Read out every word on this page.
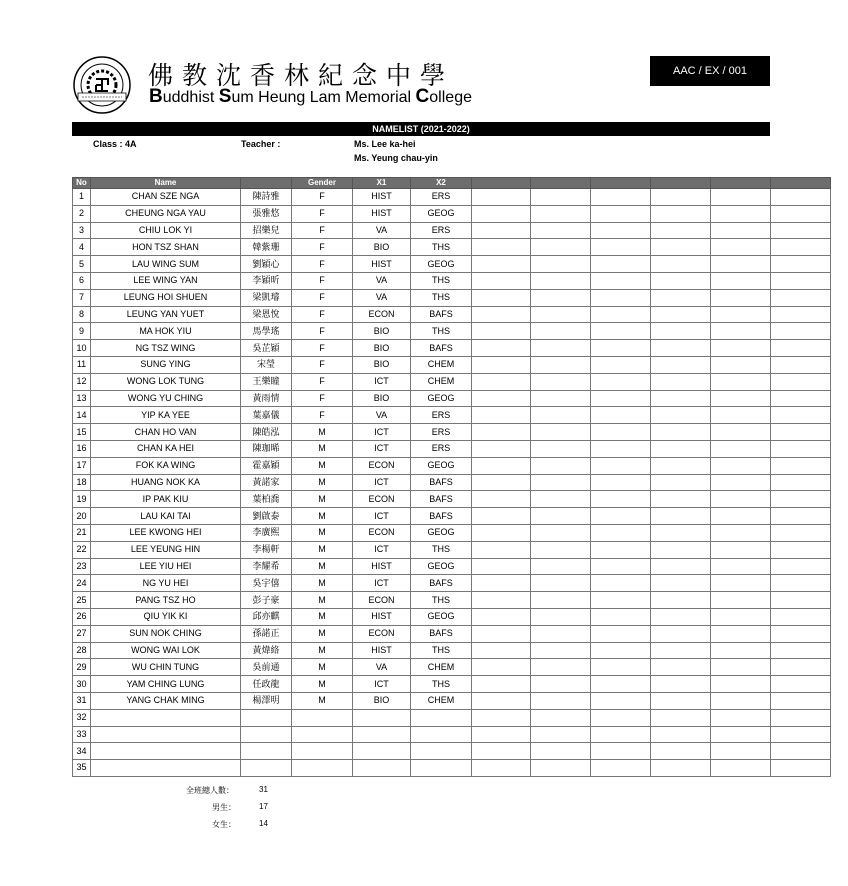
佛教沈香林紀念中學
Buddhist Sum Heung Lam Memorial College
AAC / EX / 001
NAMELIST (2021-2022)
Class : 4A	Teacher :	Ms. Lee ka-hei
Ms. Yeung chau-yin
No	Name		Gender	X1	X2						
1	CHAN SZE NGA	陳詩雅	F	HIST	ERS						
2	CHEUNG NGA YAU	張雅悠	F	HIST	GEOG						
3	CHIU LOK YI	招樂兒	F	VA	ERS						
4	HON TSZ SHAN	韓紫珊	F	BIO	THS						
5	LAU WING SUM	劉穎心	F	HIST	GEOG						
6	LEE WING YAN	李穎昕	F	VA	THS						
7	LEUNG HOI SHUEN	梁凱璿	F	VA	THS						
8	LEUNG YAN YUET	梁恩悅	F	ECON	BAFS						
9	MA HOK YIU	馬學瑤	F	BIO	THS						
10	NG TSZ WING	吳芷穎	F	BIO	BAFS						
11	SUNG YING	宋瑩	F	BIO	CHEM						
12	WONG LOK TUNG	王樂瞳	F	ICT	CHEM						
13	WONG YU CHING	黃雨情	F	BIO	GEOG						
14	YIP KA YEE	葉嘉儀	F	VA	ERS						
15	CHAN HO VAN	陳皓泓	M	ICT	ERS						
16	CHAN KA HEI	陳珈晞	M	ICT	ERS						
17	FOK KA WING	霍嘉穎	M	ECON	GEOG						
18	HUANG NOK KA	黃諾家	M	ICT	BAFS						
19	IP PAK KIU	葉柏喬	M	ECON	BAFS						
20	LAU KAI TAI	劉啟泰	M	ICT	BAFS						
21	LEE KWONG HEI	李廣熙	M	ECON	GEOG						
22	LEE YEUNG HIN	李楊軒	M	ICT	THS						
23	LEE YIU HEI	李耀希	M	HIST	GEOG						
24	NG YU HEI	吳宇僖	M	ICT	BAFS						
25	PANG TSZ HO	彭子豪	M	ECON	THS						
26	QIU YIK KI	邱亦麒	M	HIST	GEOG						
27	SUN NOK CHING	孫諾正	M	ECON	BAFS						
28	WONG WAI LOK	黃煒絡	M	HIST	THS						
29	WU CHIN TUNG	吳前通	M	VA	CHEM						
30	YAM CHING LUNG	任政龍	M	ICT	THS						
31	YANG CHAK MING	楊澤明	M	BIO	CHEM						
32											
33											
34											
35											
全班總人數：	31
男生：	17
女生：	14
